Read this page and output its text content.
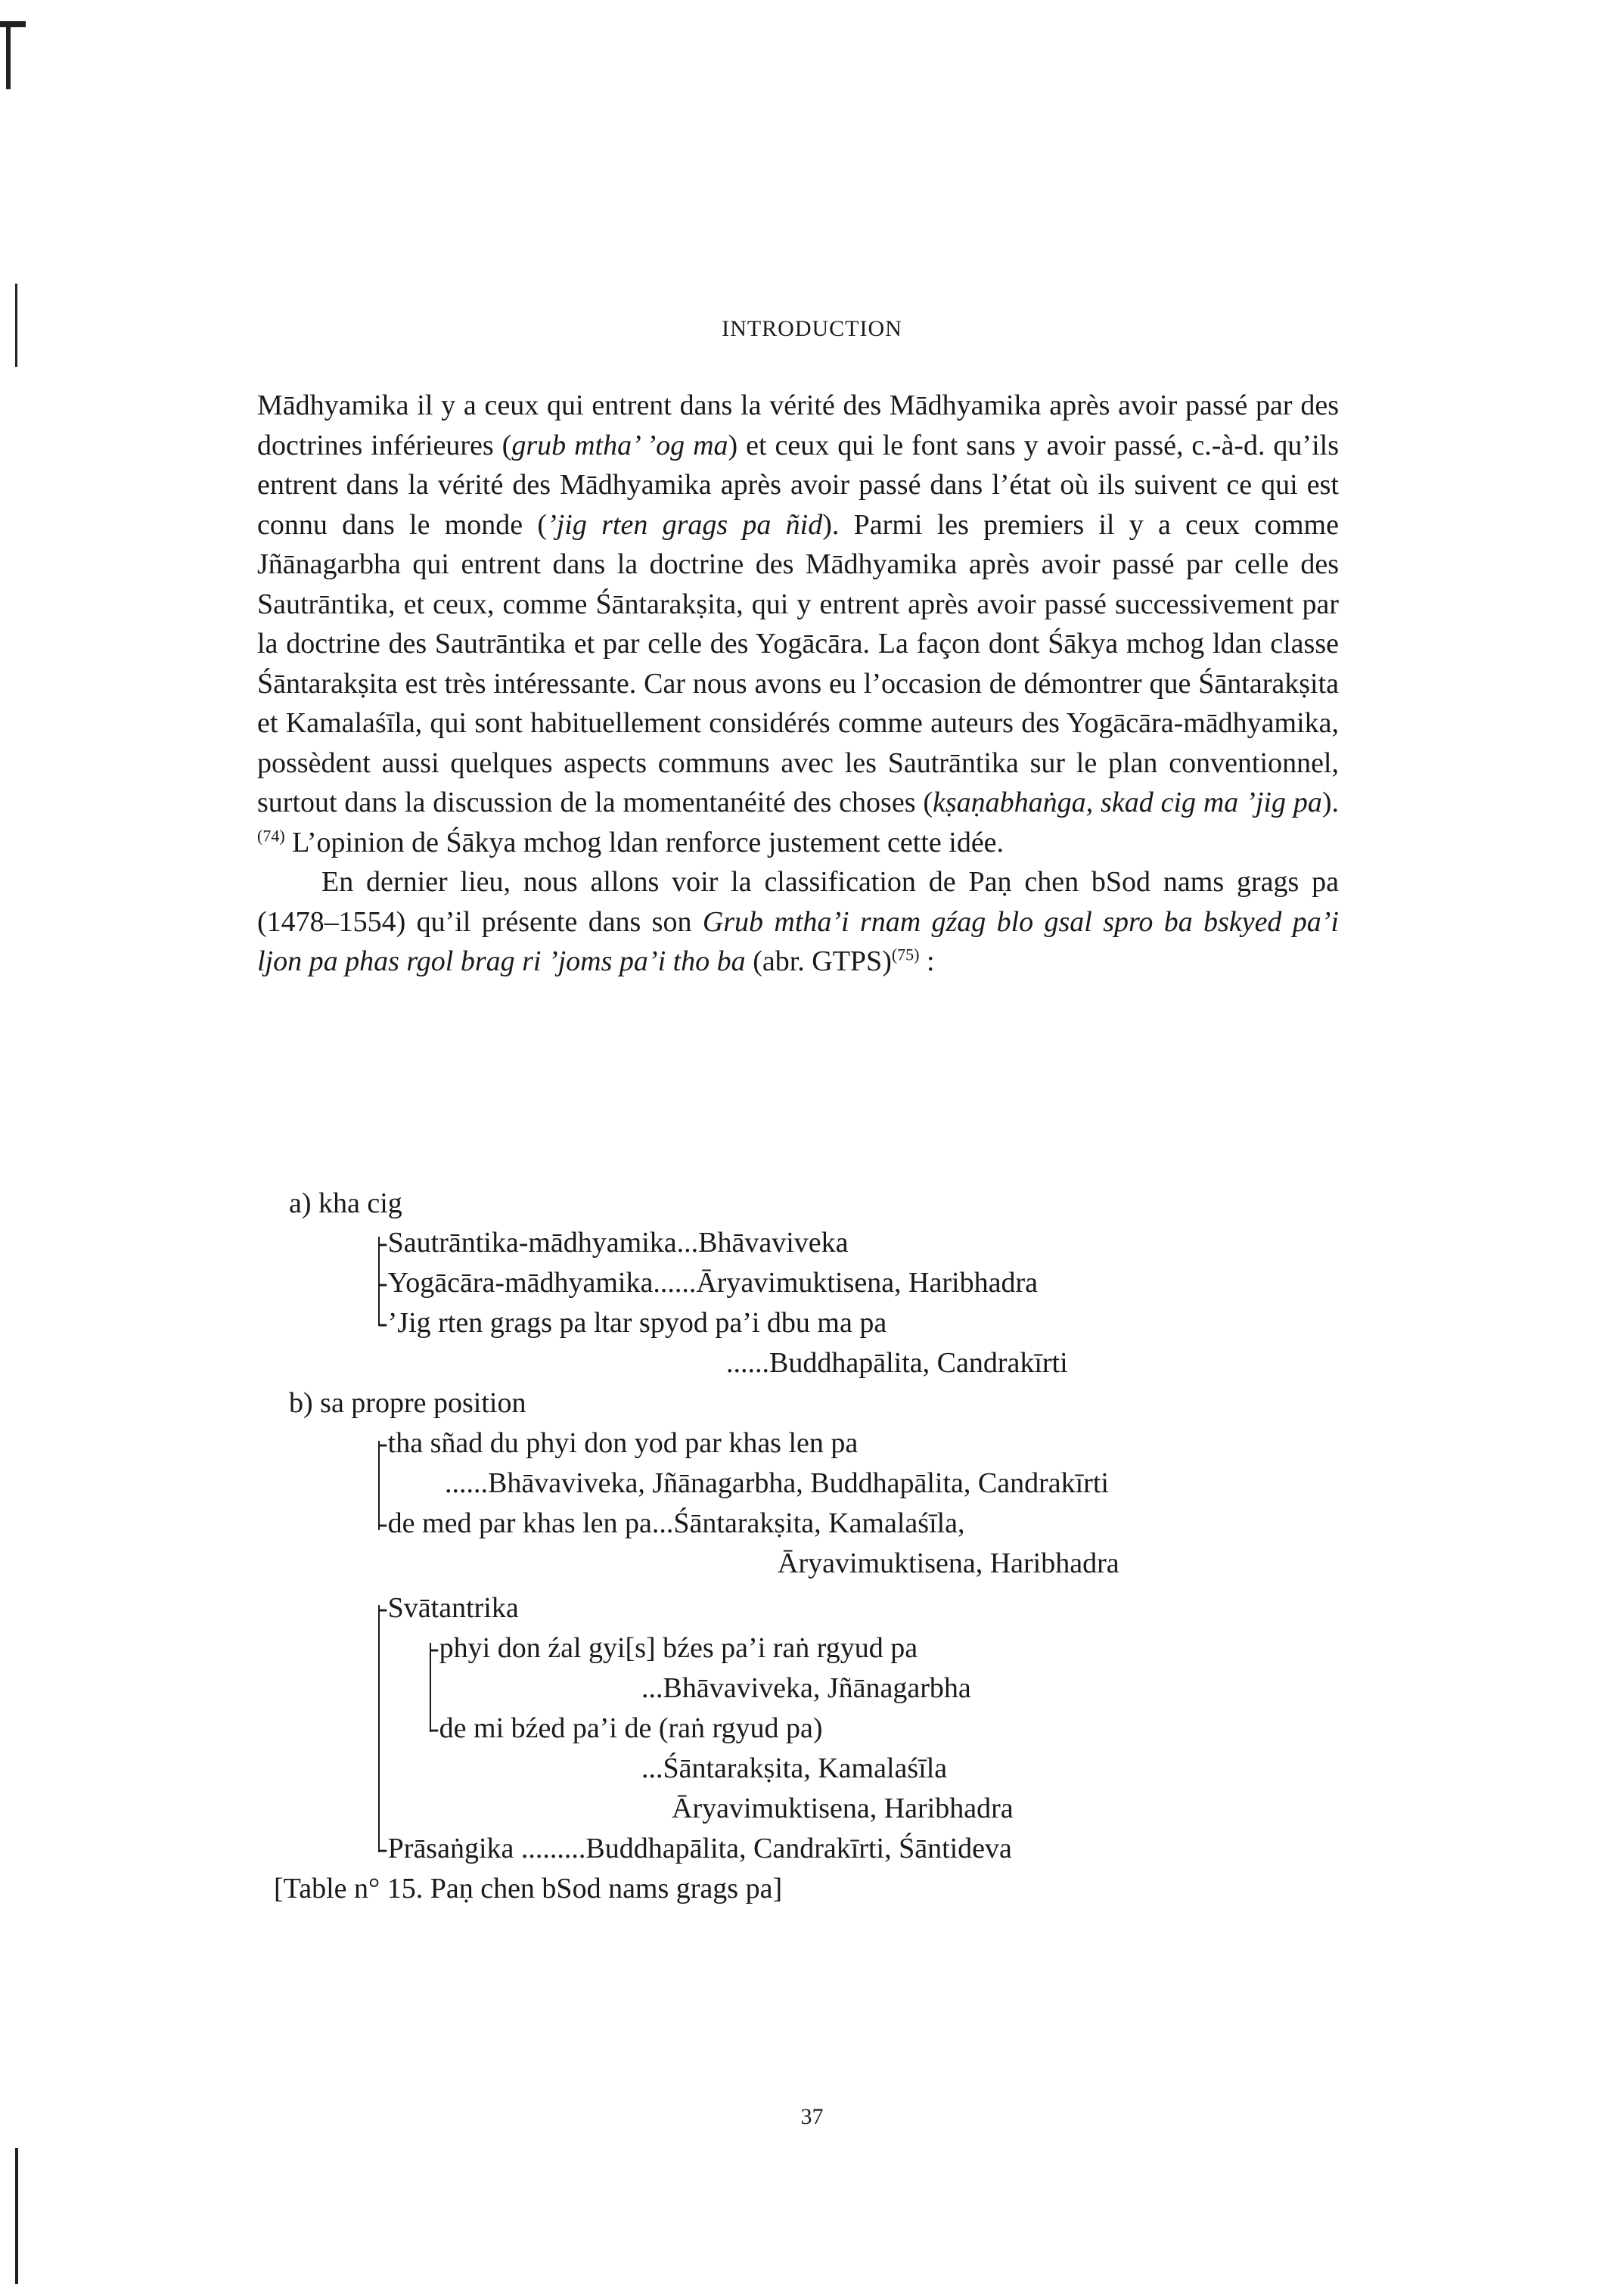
INTRODUCTION

Mādhyamika il y a ceux qui entrent dans la vérité des Mādhyamika après avoir passé par des doctrines inférieures (grub mtha’ ’og ma) et ceux qui le font sans y avoir passé, c.-à-d. qu’ils entrent dans la vérité des Mādhyamika après avoir passé dans l’état où ils suivent ce qui est connu dans le monde (’jig rten grags pa ñid). Parmi les premiers il y a ceux comme Jñānagarbha qui entrent dans la doctrine des Mādhyamika après avoir passé par celle des Sautrāntika, et ceux, comme Śāntarakṣita, qui y entrent après avoir passé successivement par la doctrine des Sautrāntika et par celle des Yogācāra. La façon dont Śākya mchog ldan classe Śāntarakṣita est très intéressante. Car nous avons eu l’occasion de démontrer que Śāntarakṣita et Kamalaśīla, qui sont habituellement considérés comme auteurs des Yogācāra-mādhyamika, possèdent aussi quelques aspects communs avec les Sautrāntika sur le plan conventionnel, surtout dans la discussion de la momentanéité des choses (kṣaṇabhaṅga, skad cig ma ’jig pa).$^{(74)}$ L’opinion de Śākya mchog ldan renforce justement cette idée.

En dernier lieu, nous allons voir la classification de Paṇ chen bSod nams grags pa (1478–1554) qu’il présente dans son Grub mtha’i rnam gźag blo gsal spro ba bskyed pa’i ljon pa phas rgol brag ri ’joms pa’i tho ba (abr. GTPS)$^{(75)}$ :

a) kha cig
-Sautrāntika-mādhyamika...Bhāvaviveka
-Yogācāra-mādhyamika......Āryavimuktisena, Haribhadra
-’Jig rten grags pa ltar spyod pa’i dbu ma pa
......Buddhapālita, Candrakīrti
b) sa propre position
-tha sñad du phyi don yod par khas len pa
......Bhāvaviveka, Jñānagarbha, Buddhapālita, Candrakīrti
-de med par khas len pa...Śāntarakṣita, Kamalaśīla,
Āryavimuktisena, Haribhadra
-Svātantrika
-phyi don źal gyi[s] bźes pa’i raṅ rgyud pa
...Bhāvaviveka, Jñānagarbha
-de mi bźed pa’i de (raṅ rgyud pa)
...Śāntarakṣita, Kamalaśīla
Āryavimuktisena, Haribhadra
-Prāsaṅgika .........Buddhapālita, Candrakīrti, Śāntideva
[Table n° 15. Paṇ chen bSod nams grags pa]
37
